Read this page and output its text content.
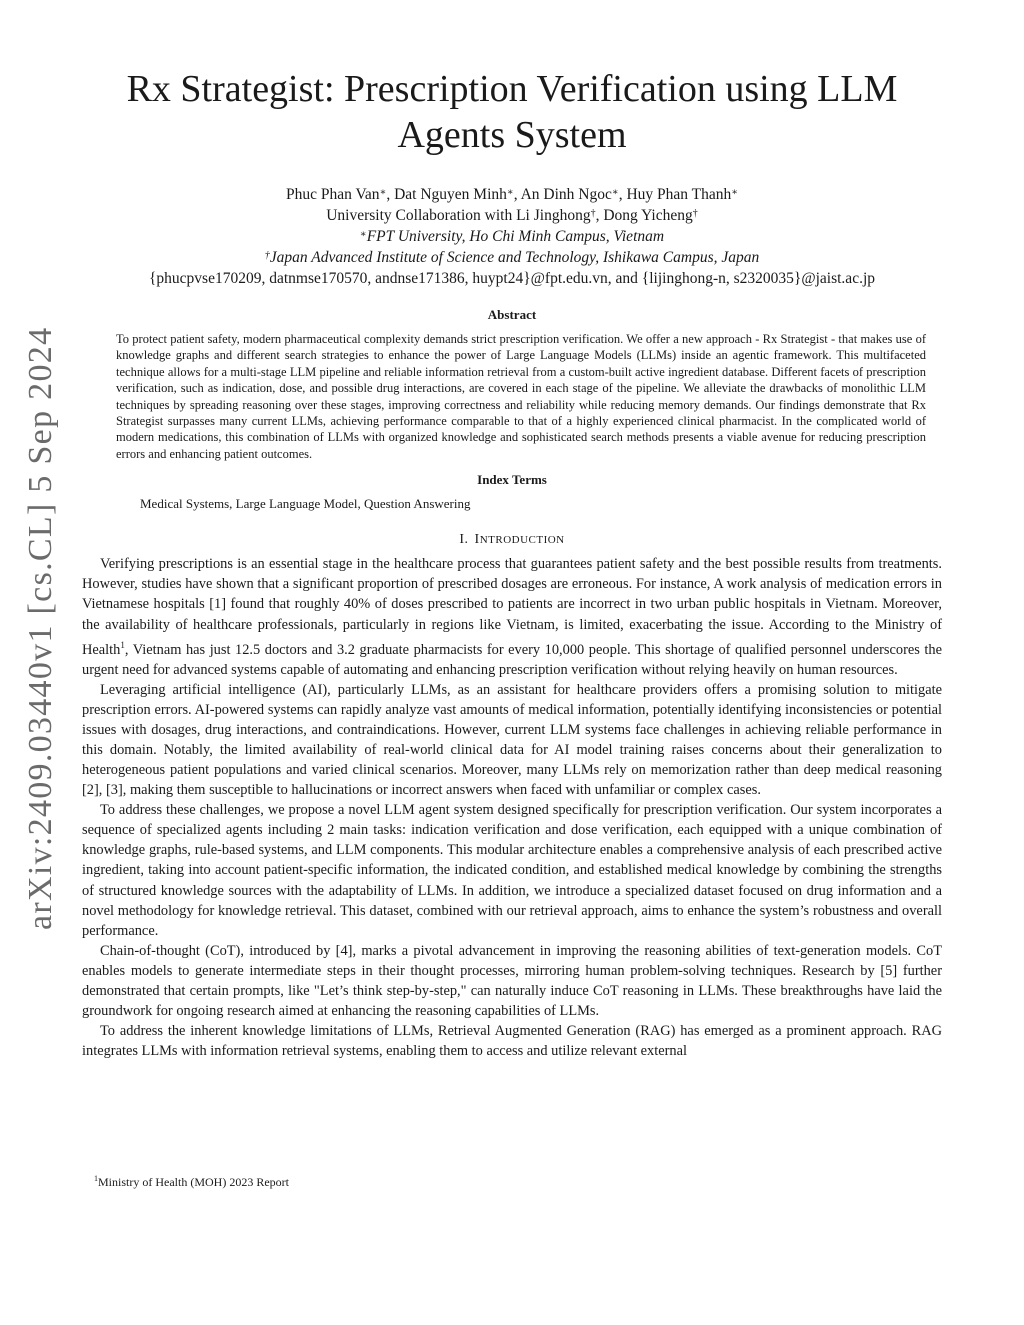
arXiv:2409.03440v1 [cs.CL] 5 Sep 2024
Rx Strategist: Prescription Verification using LLM Agents System
Phuc Phan Van∗, Dat Nguyen Minh∗, An Dinh Ngoc∗, Huy Phan Thanh∗
University Collaboration with Li Jinghong†, Dong Yicheng†
∗FPT University, Ho Chi Minh Campus, Vietnam
†Japan Advanced Institute of Science and Technology, Ishikawa Campus, Japan
{phucpvse170209, datnmse170570, andnse171386, huypt24}@fpt.edu.vn, and {lijinghong-n, s2320035}@jaist.ac.jp
Abstract

To protect patient safety, modern pharmaceutical complexity demands strict prescription verification. We offer a new approach - Rx Strategist - that makes use of knowledge graphs and different search strategies to enhance the power of Large Language Models (LLMs) inside an agentic framework. This multifaceted technique allows for a multi-stage LLM pipeline and reliable information retrieval from a custom-built active ingredient database. Different facets of prescription verification, such as indication, dose, and possible drug interactions, are covered in each stage of the pipeline. We alleviate the drawbacks of monolithic LLM techniques by spreading reasoning over these stages, improving correctness and reliability while reducing memory demands. Our findings demonstrate that Rx Strategist surpasses many current LLMs, achieving performance comparable to that of a highly experienced clinical pharmacist. In the complicated world of modern medications, this combination of LLMs with organized knowledge and sophisticated search methods presents a viable avenue for reducing prescription errors and enhancing patient outcomes.

Index Terms

Medical Systems, Large Language Model, Question Answering

I. INTRODUCTION

Verifying prescriptions is an essential stage in the healthcare process that guarantees patient safety and the best possible results from treatments. However, studies have shown that a significant proportion of prescribed dosages are erroneous. For instance, A work analysis of medication errors in Vietnamese hospitals [1] found that roughly 40% of doses prescribed to patients are incorrect in two urban public hospitals in Vietnam. Moreover, the availability of healthcare professionals, particularly in regions like Vietnam, is limited, exacerbating the issue. According to the Ministry of Health$^1$, Vietnam has just 12.5 doctors and 3.2 graduate pharmacists for every 10,000 people. This shortage of qualified personnel underscores the urgent need for advanced systems capable of automating and enhancing prescription verification without relying heavily on human resources.

Leveraging artificial intelligence (AI), particularly LLMs, as an assistant for healthcare providers offers a promising solution to mitigate prescription errors. AI-powered systems can rapidly analyze vast amounts of medical information, potentially identifying inconsistencies or potential issues with dosages, drug interactions, and contraindications. However, current LLM systems face challenges in achieving reliable performance in this domain. Notably, the limited availability of real-world clinical data for AI model training raises concerns about their generalization to heterogeneous patient populations and varied clinical scenarios. Moreover, many LLMs rely on memorization rather than deep medical reasoning [2], [3], making them susceptible to hallucinations or incorrect answers when faced with unfamiliar or complex cases.

To address these challenges, we propose a novel LLM agent system designed specifically for prescription verification. Our system incorporates a sequence of specialized agents including 2 main tasks: indication verification and dose verification, each equipped with a unique combination of knowledge graphs, rule-based systems, and LLM components. This modular architecture enables a comprehensive analysis of each prescribed active ingredient, taking into account patient-specific information, the indicated condition, and established medical knowledge by combining the strengths of structured knowledge sources with the adaptability of LLMs. In addition, we introduce a specialized dataset focused on drug information and a novel methodology for knowledge retrieval. This dataset, combined with our retrieval approach, aims to enhance the system’s robustness and overall performance.

Chain-of-thought (CoT), introduced by [4], marks a pivotal advancement in improving the reasoning abilities of text-generation models. CoT enables models to generate intermediate steps in their thought processes, mirroring human problem-solving techniques. Research by [5] further demonstrated that certain prompts, like "Let’s think step-by-step," can naturally induce CoT reasoning in LLMs. These breakthroughs have laid the groundwork for ongoing research aimed at enhancing the reasoning capabilities of LLMs.

To address the inherent knowledge limitations of LLMs, Retrieval Augmented Generation (RAG) has emerged as a prominent approach. RAG integrates LLMs with information retrieval systems, enabling them to access and utilize relevant external

$^1$Ministry of Health (MOH) 2023 Report
